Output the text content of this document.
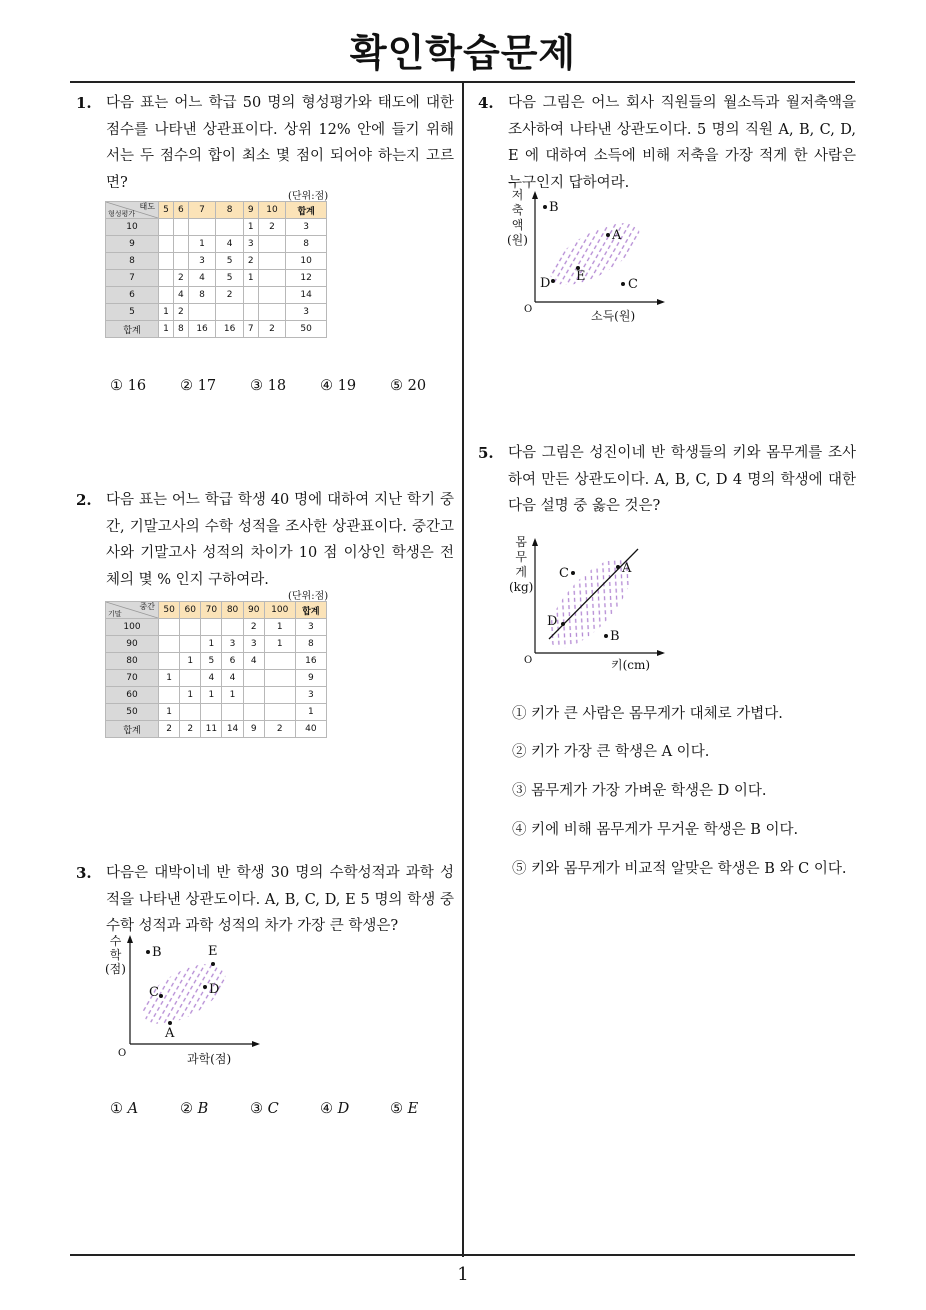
확인학습문제
1. 다음 표는 어느 학급 50 명의 형성평가와 태도에 대한 점수를 나타낸 상관표이다. 상위 12% 안에 들기 위해서는 두 점수의 합이 최소 몇 점이 되어야 하는지 고르면?
(단위:점)
태도
형성평가	5	6	7	8	9	10	합계
10					1	2	3
9			1	4	3		8
8			3	5	2		10
7		2	4	5	1		12
6		4	8	2			14
5	1	2					3
합계	1	8	16	16	7	2	50
① 16 ② 17 ③ 18 ④ 19 ⑤ 20
2. 다음 표는 어느 학급 학생 40 명에 대하여 지난 학기 중간, 기말고사의 수학 성적을 조사한 상관표이다. 중간고사와 기말고사 성적의 차이가 10 점 이상인 학생은 전체의 몇 % 인지 구하여라.
(단위:점)
중간
기말	50	60	70	80	90	100	합계
100					2	1	3
90			1	3	3	1	8
80		1	5	6	4		16
70	1		4	4			9
60		1	1	1			3
50	1						1
합계	2	2	11	14	9	2	40
3. 다음은 대박이네 반 학생 30 명의 수학성적과 과학 성적을 나타낸 상관도이다. A, B, C, D, E 5 명의 학생 중 수학 성적과 과학 성적의 차가 가장 큰 학생은?
수
학
(점)
O	과학(점)
B	E
C	D
A
① A	② B	③ C	④ D	⑤ E
4. 다음 그림은 어느 회사 직원들의 월소득과 월저축액을 조사하여 나타낸 상관도이다. 5 명의 직원 A, B, C, D, E 에 대하여 소득에 비해 저축을 가장 적게 한 사람은 누구인지 답하여라.
저
축
액
(원)
O	소득(원)
B
A
E
D	C
5. 다음 그림은 성진이네 반 학생들의 키와 몸무게를 조사하여 만든 상관도이다. A, B, C, D 4 명의 학생에 대한 다음 설명 중 옳은 것은?
몸
무
게
(kg)
O	키(cm)
C	A
D
B
① 키가 큰 사람은 몸무게가 대체로 가볍다.
② 키가 가장 큰 학생은 A 이다.
③ 몸무게가 가장 가벼운 학생은 D 이다.
④ 키에 비해 몸무게가 무거운 학생은 B 이다.
⑤ 키와 몸무게가 비교적 알맞은 학생은 B 와 C 이다.
1
